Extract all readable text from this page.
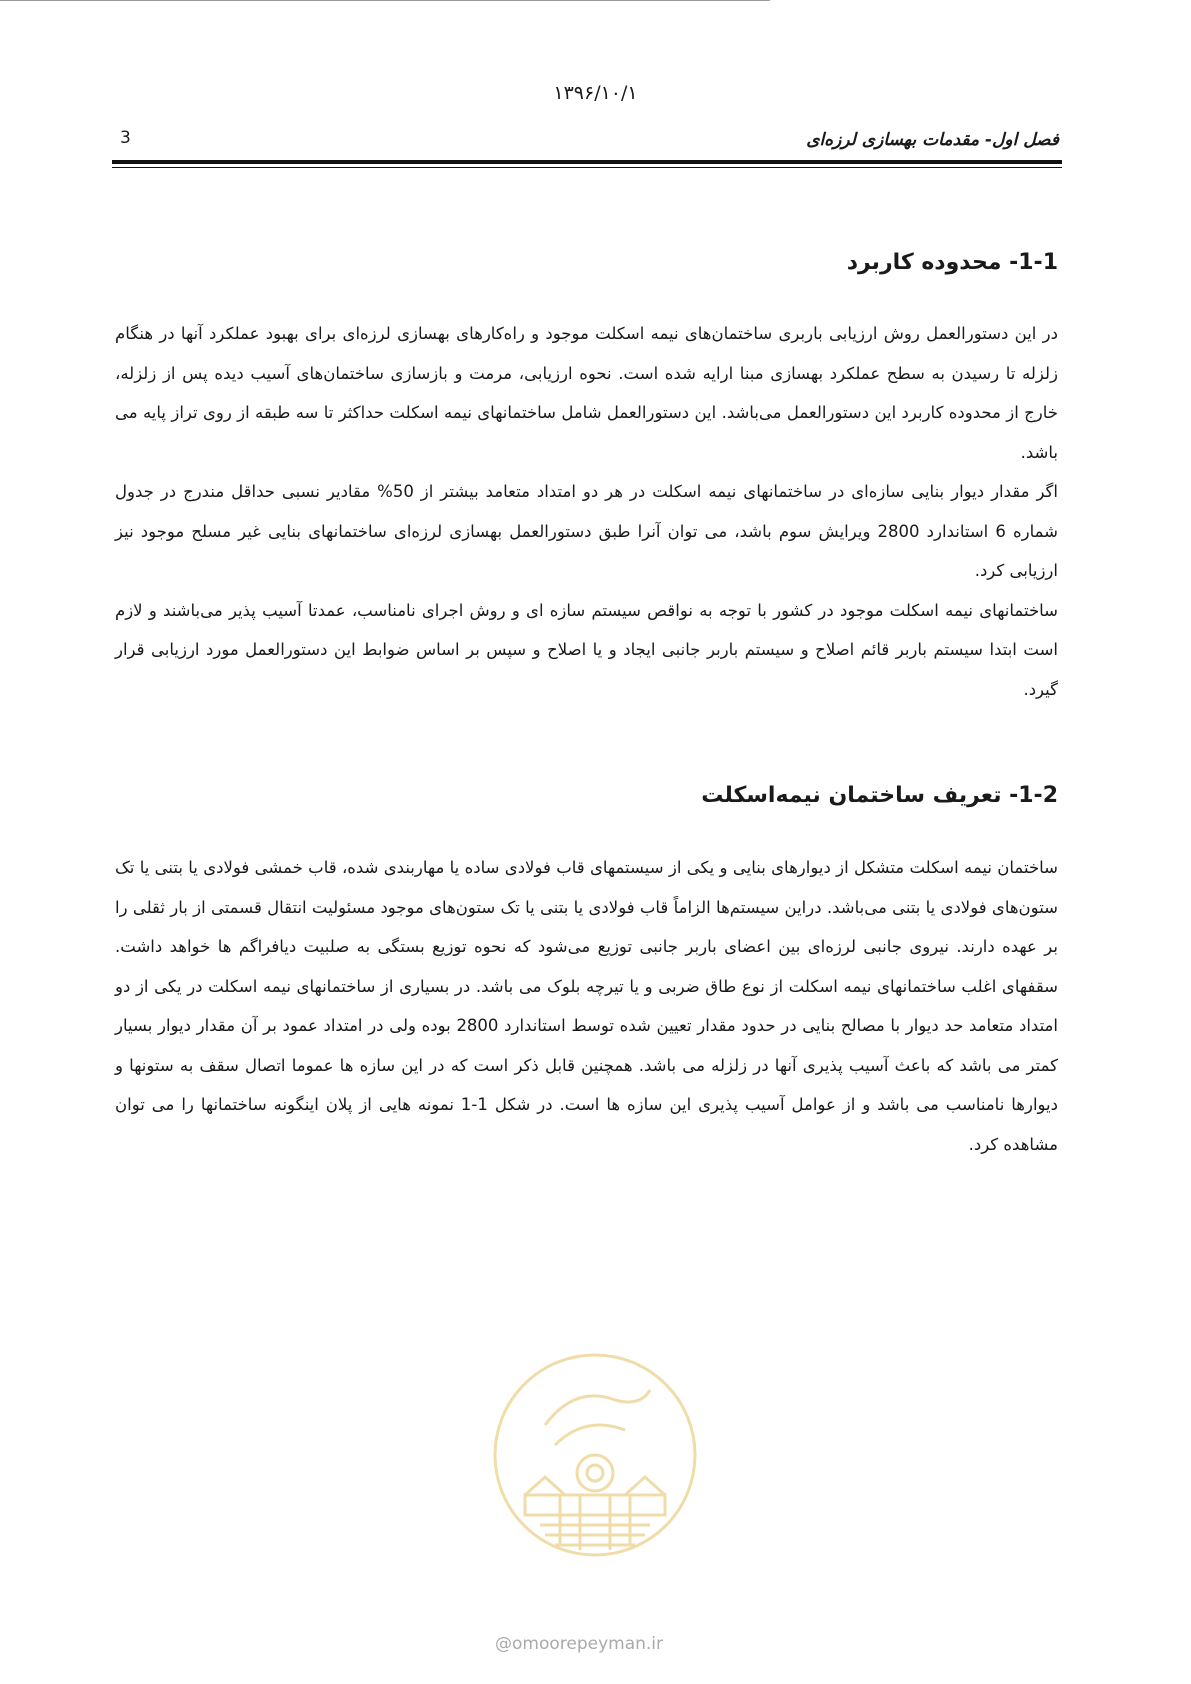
۱۳۹۶/۱۰/۱
3	فصل اول- مقدمات بهسازی لرزه‌ای
1-1- محدوده کاربرد

در این دستورالعمل روش ارزیابی باربری ساختمان‌های نیمه اسکلت موجود و راه‌کارهای بهسازی لرزه‌ای برای بهبود عملکرد آنها در هنگام زلزله تا رسیدن به سطح عملکرد بهسازی مبنا ارایه شده است. نحوه ارزیابی، مرمت و بازسازی ساختمان‌های آسیب دیده پس از زلزله، خارج از محدوده کاربرد این دستورالعمل می‌باشد. این دستورالعمل شامل ساختمانهای نیمه اسکلت حداکثر تا سه طبقه از روی تراز پایه می باشد.

اگر مقدار دیوار بنایی سازه‌ای در ساختمانهای نیمه اسکلت در هر دو امتداد متعامد بیشتر از 50% مقادیر نسبی حداقل مندرج در جدول شماره 6 استاندارد 2800 ویرایش سوم باشد، می توان آنرا طبق دستورالعمل بهسازی لرزه‌ای ساختمانهای بنایی غیر مسلح موجود نیز ارزیابی کرد.

ساختمانهای نیمه اسکلت موجود در کشور با توجه به نواقص سیستم سازه ای و روش اجرای نامناسب، عمدتا آسیب پذیر می‌باشند و لازم است ابتدا سیستم باربر قائم اصلاح و سیستم باربر جانبی ایجاد و یا اصلاح و سپس بر اساس ضوابط این دستورالعمل مورد ارزیابی قرار گیرد.

1-2- تعریف ساختمان نیمه‌اسکلت

ساختمان نیمه اسکلت متشکل از دیوارهای بنایی و یکی از سیستمهای قاب فولادی ساده یا مهاربندی شده، قاب خمشی فولادی یا بتنی یا تک ستون‌های فولادی یا بتنی می‌باشد. دراین سیستم‌ها الزاماً قاب فولادی یا بتنی یا تک ستون‌های موجود مسئولیت انتقال قسمتی از بار ثقلی را بر عهده دارند. نیروی جانبی لرزه‌ای بین اعضای باربر جانبی توزیع می‌شود که نحوه توزیع بستگی به صلبیت دیافراگم ها خواهد داشت. سقفهای اغلب ساختمانهای نیمه اسکلت از نوع طاق ضربی و یا تیرچه بلوک می باشد. در بسیاری از ساختمانهای نیمه اسکلت در یکی از دو امتداد متعامد حد دیوار با مصالح بنایی در حدود مقدار تعیین شده توسط استاندارد 2800 بوده ولی در امتداد عمود بر آن مقدار دیوار بسیار کمتر می باشد که باعث آسیب پذیری آنها در زلزله می باشد. همچنین قابل ذکر است که در این سازه ها عموما اتصال سقف به ستونها و دیوارها نامناسب می باشد و از عوامل آسیب پذیری این سازه ها است. در شکل 1-1 نمونه هایی از پلان اینگونه ساختمانها را می توان مشاهده کرد.

@omoorepeyman.ir
